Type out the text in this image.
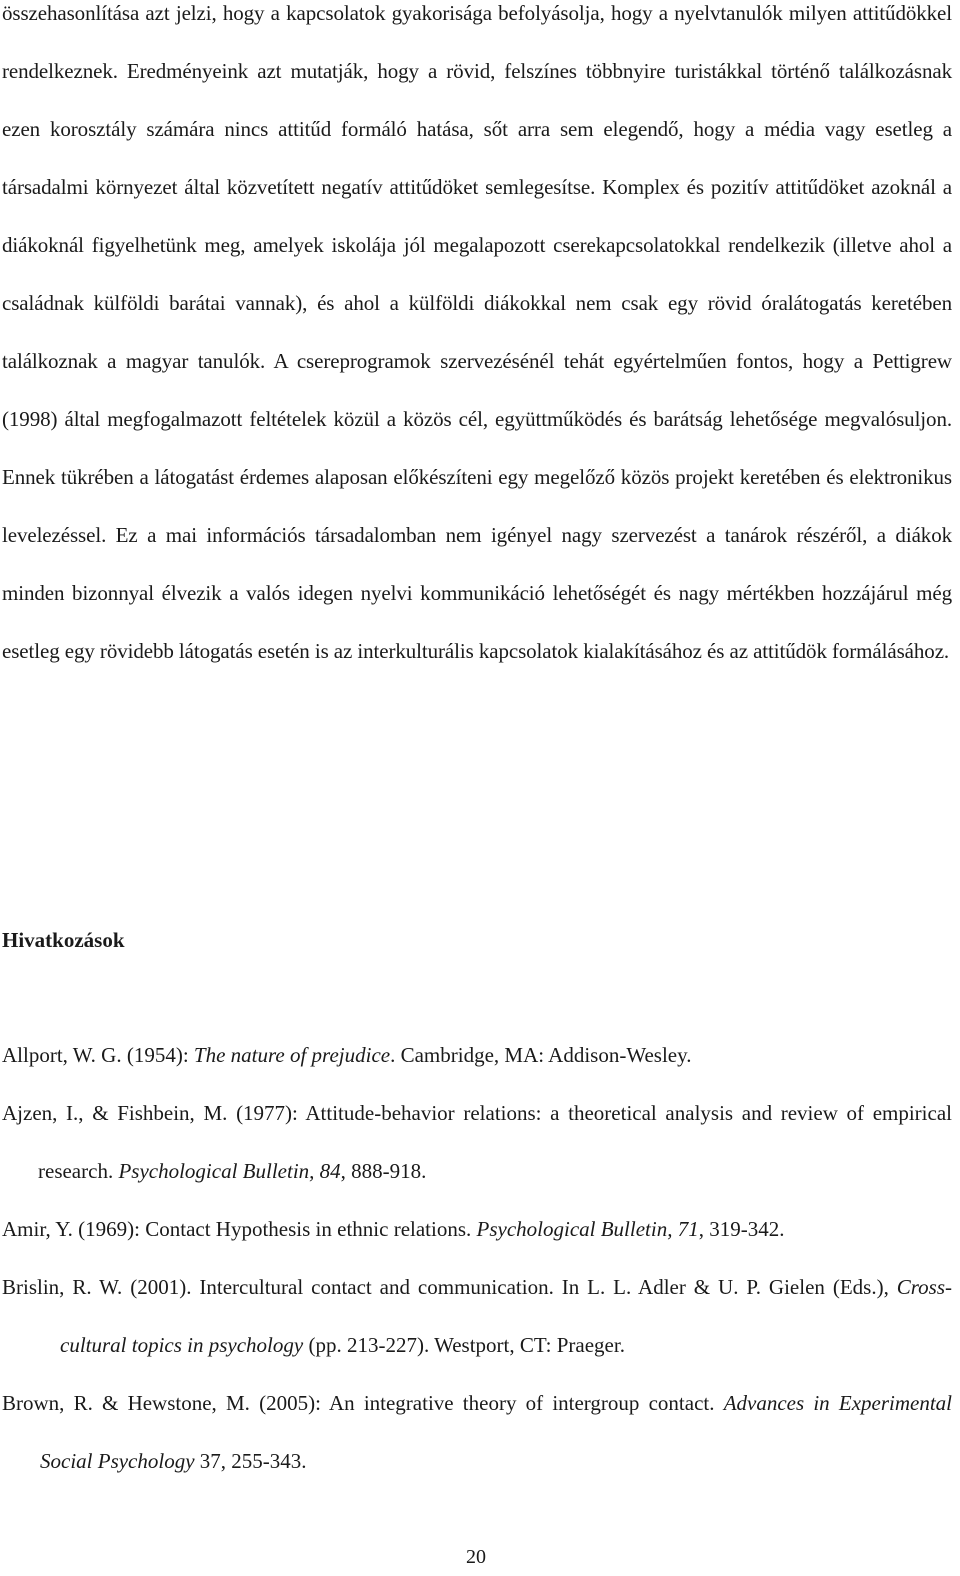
összehasonlítása azt jelzi, hogy a kapcsolatok gyakorisága befolyásolja, hogy a nyelvtanulók milyen attitűdökkel rendelkeznek. Eredményeink azt mutatják, hogy a rövid, felszínes többnyire turistákkal történő találkozásnak ezen korosztály számára nincs attitűd formáló hatása, sőt arra sem elegendő, hogy a média vagy esetleg a társadalmi környezet által közvetített negatív attitűdöket semlegesítse. Komplex és pozitív attitűdöket azoknál a diákoknál figyelhetünk meg, amelyek iskolája jól megalapozott cserekapcsolatokkal rendelkezik (illetve ahol a családnak külföldi barátai vannak), és ahol a külföldi diákokkal nem csak egy rövid óralátogatás keretében találkoznak a magyar tanulók. A csereprogramok szervezésénél tehát egyértelműen fontos, hogy a Pettigrew (1998) által megfogalmazott feltételek közül a közös cél, együttműködés és barátság lehetősége megvalósuljon. Ennek tükrében a látogatást érdemes alaposan előkészíteni egy megelőző közös projekt keretében és elektronikus levelezéssel. Ez a mai információs társadalomban nem igényel nagy szervezést a tanárok részéről, a diákok minden bizonnyal élvezik a valós idegen nyelvi kommunikáció lehetőségét és nagy mértékben hozzájárul még esetleg egy rövidebb látogatás esetén is az interkulturális kapcsolatok kialakításához és az attitűdök formálásához.

Hivatkozások
Allport, W. G. (1954): The nature of prejudice. Cambridge, MA: Addison-Wesley.
Ajzen, I., & Fishbein, M. (1977): Attitude-behavior relations: a theoretical analysis and review of empirical research. Psychological Bulletin, 84, 888-918.
Amir, Y. (1969): Contact Hypothesis in ethnic relations. Psychological Bulletin, 71, 319-342.
Brislin, R. W. (2001). Intercultural contact and communication. In L. L. Adler & U. P. Gielen (Eds.), Cross-cultural topics in psychology (pp. 213-227). Westport, CT: Praeger.
Brown, R. & Hewstone, M. (2005): An integrative theory of intergroup contact. Advances in Experimental Social Psychology 37, 255-343.
20
